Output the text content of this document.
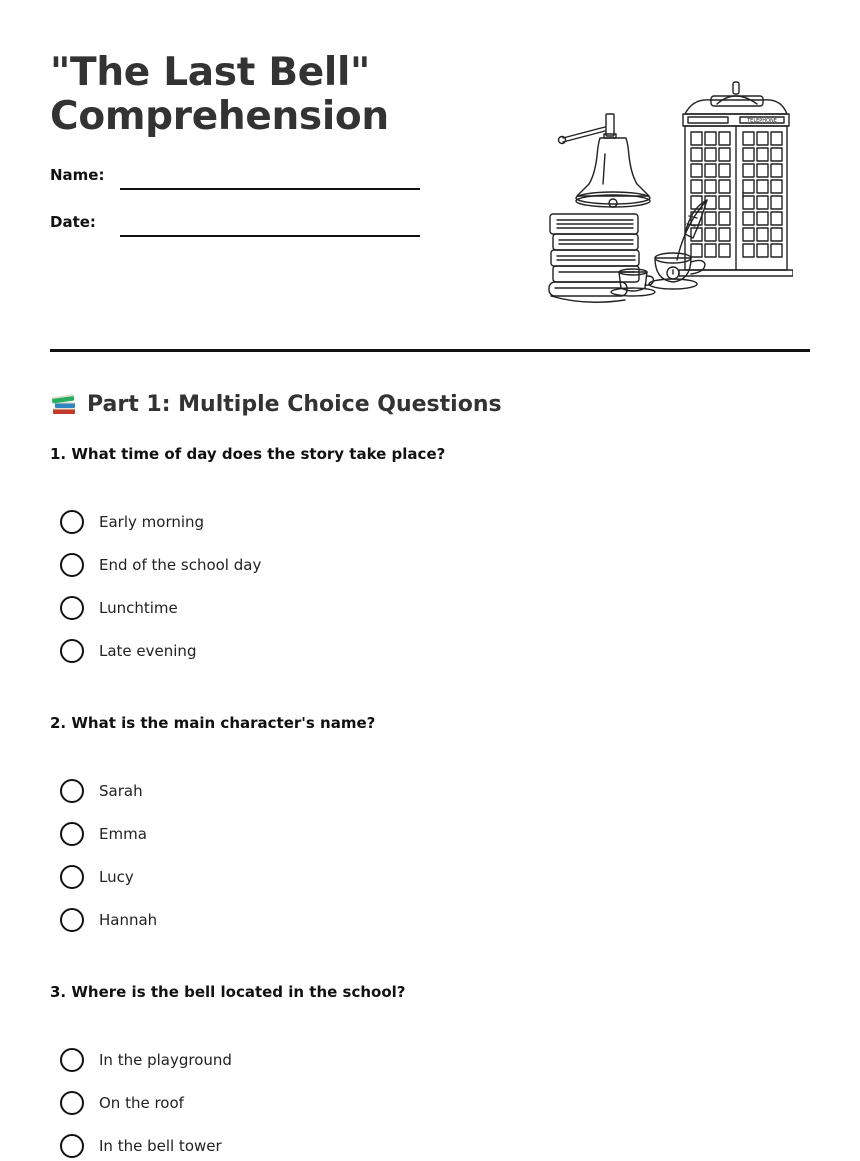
"The Last Bell"
Comprehension
Name:
Date:
TELEPHONE
Part 1: Multiple Choice Questions

1. What time of day does the story take place?

Early morning
End of the school day
Lunchtime
Late evening

2. What is the main character's name?

Sarah
Emma
Lucy
Hannah

3. Where is the bell located in the school?

In the playground
On the roof
In the bell tower
